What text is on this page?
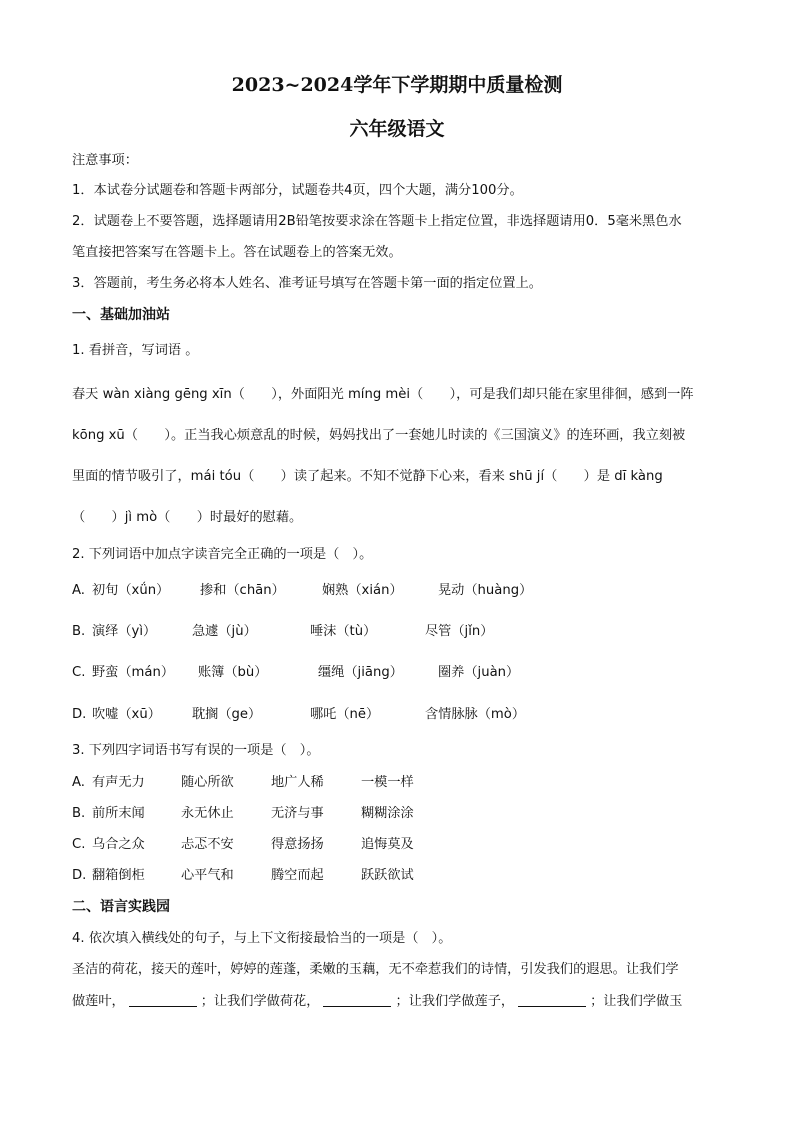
2023~2024学年下学期期中质量检测
六年级语文
注意事项：
1．本试卷分试题卷和答题卡两部分，试题卷共4页，四个大题，满分100分。
2．试题卷上不要答题，选择题请用2B铅笔按要求涂在答题卡上指定位置，非选择题请用0．5毫米黑色水
笔直接把答案写在答题卡上。答在试题卷上的答案无效。
3．答题前，考生务必将本人姓名、准考证号填写在答题卡第一面的指定位置上。
一、基础加油站
1. 看拼音，写词语 。
春天 wàn xiàng gēng xīn（　　），外面阳光 míng mèi（　　），可是我们却只能在家里徘徊，感到一阵
kōng xū（　　）。正当我心烦意乱的时候，妈妈找出了一套她儿时读的《三国演义》的连环画，我立刻被
里面的情节吸引了，mái tóu（　　）读了起来。不知不觉静下心来，看来 shū jí（　　）是 dī kàng
（　　）jì mò（　　）时最好的慰藉。
2. 下列词语中加点字读音完全正确的一项是（　）。
A. 初旬（xǘn） 掺和（chān）	娴熟（xián）	晃动（huàng）
B. 演绎（yì）	急遽（jù）	唾沫（tù）	尽管（jǐn）
C. 野蛮（mán） 账簿（bù）	缰绳（jiāng）	圈养（juàn）
D. 吹嘘（xū） 耽搁（ge）	哪吒（nē）	含情脉脉（mò）
3. 下列四字词语书写有误的一项是（　）。
A. 有声无力	随心所欲	地广人稀	一模一样
B. 前所末闻	永无休止	无济与事	糊糊涂涂
C. 乌合之众	忐忑不安	得意扬扬	追悔莫及
D. 翻箱倒柜	心平气和	腾空而起	跃跃欲试
二、语言实践园
4. 依次填入横线处的句子，与上下文衔接最恰当的一项是（　）。
圣洁的荷花，接天的莲叶，婷婷的莲蓬，柔嫩的玉藕，无不牵惹我们的诗情，引发我们的遐思。让我们学
做莲叶，	；让我们学做荷花，	；让我们学做莲子，	；让我们学做玉
